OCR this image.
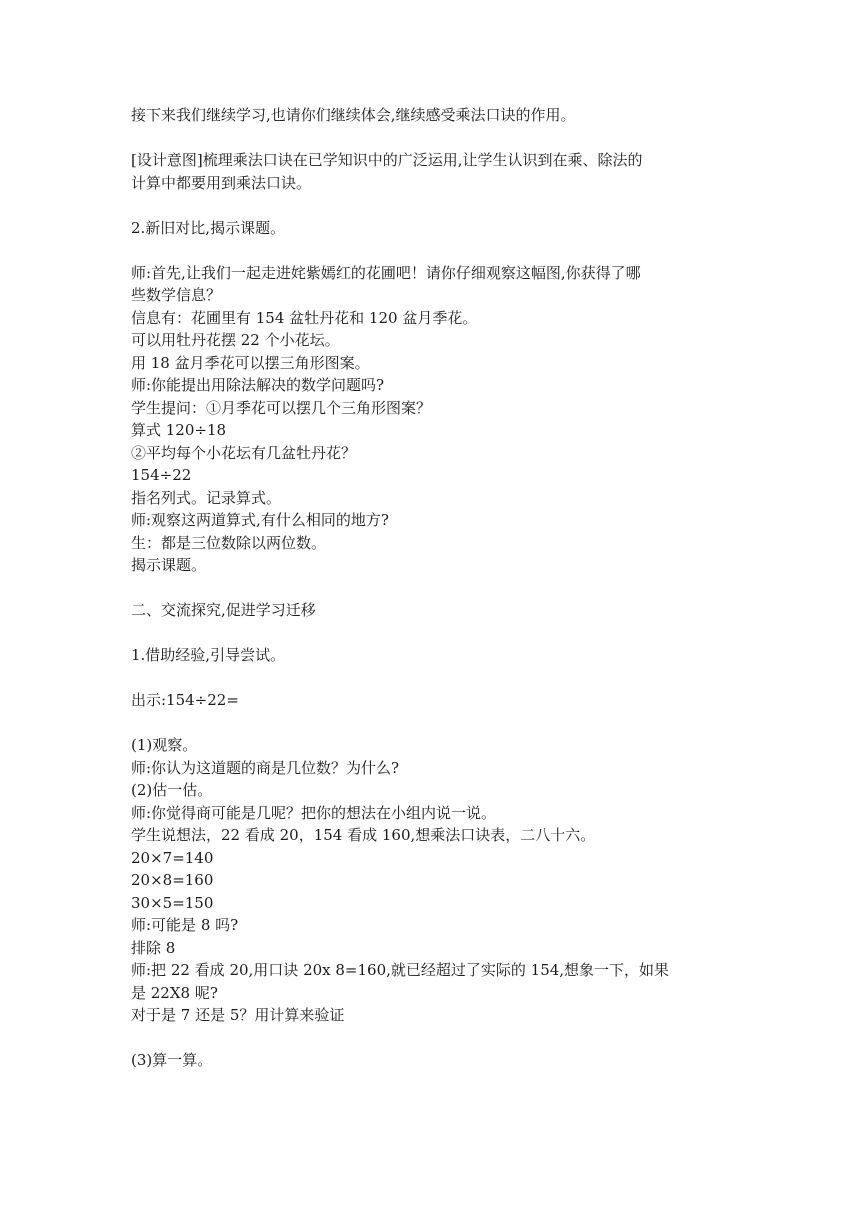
接下来我们继续学习,也请你们继续体会,继续感受乘法口诀的作用。

[设计意图]梳理乘法口诀在已学知识中的广泛运用,让学生认识到在乘、除法的

计算中都要用到乘法口诀。

2.新旧对比,揭示课题。

师:首先,让我们一起走进姹紫嫣红的花圃吧！请你仔细观察这幅图,你获得了哪

些数学信息？

信息有：花圃里有 154 盆牡丹花和 120 盆月季花。

可以用牡丹花摆 22 个小花坛。

用 18 盆月季花可以摆三角形图案。

师:你能提出用除法解决的数学问题吗?

学生提问：①月季花可以摆几个三角形图案？

算式 120÷18

②平均每个小花坛有几盆牡丹花？

154÷22

指名列式。记录算式。

师:观察这两道算式,有什么相同的地方?

生：都是三位数除以两位数。

揭示课题。

二、交流探究,促进学习迁移

1.借助经验,引导尝试。

出示:154÷22=

(1)观察。

师:你认为这道题的商是几位数？为什么?

(2)估一估。

师:你觉得商可能是几呢？把你的想法在小组内说一说。

学生说想法，22 看成 20，154 看成 160,想乘法口诀表，二八十六。

20×7=140

20×8=160

30×5=150

师:可能是 8 吗?

排除 8

师:把 22 看成 20,用口诀 20x 8=160,就已经超过了实际的 154,想象一下，如果

是 22X8 呢?

对于是 7 还是 5？用计算来验证

(3)算一算。
